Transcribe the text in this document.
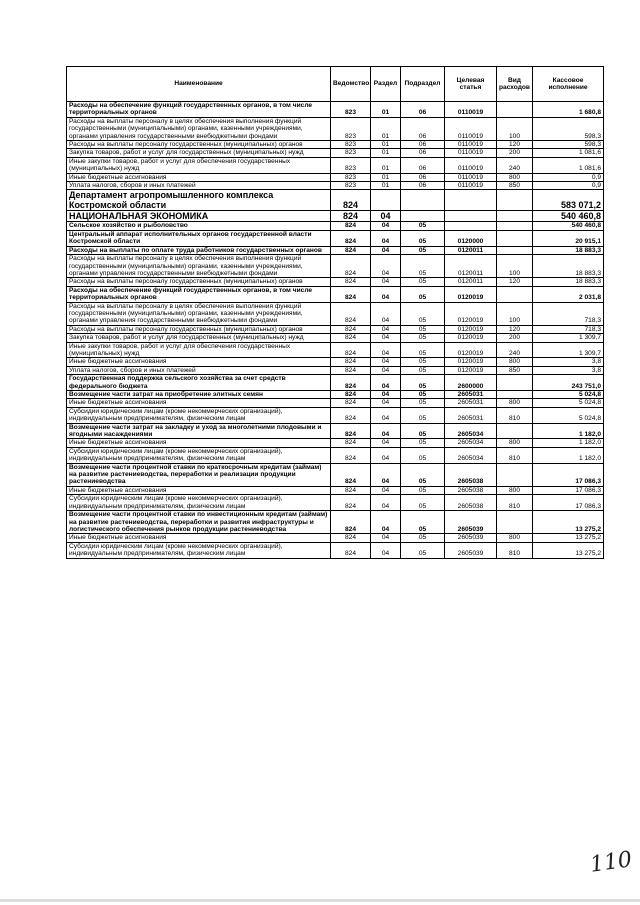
Наименование	Ведомство	Раздел	Подраздел	Целевая статья	Вид расходов	Кассовое исполнение
Расходы на обеспечение функций государственных органов, в том числе территориальных органов	823	01	06	0110019		1 680,8
Расходы на выплаты персоналу в целях обеспечения выполнения функций государственными (муниципальными) органами, казенными учреждениями, органами управления государственными внебюджетными фондами	823	01	06	0110019	100	598,3
Расходы на выплаты персоналу государственных (муниципальных) органов	823	01	06	0110019	120	598,3
Закупка товаров, работ и услуг для государственных (муниципальных) нужд	823	01	06	0110019	200	1 081,6
Иные закупки товаров, работ и услуг для обеспечения государственных (муниципальных) нужд	823	01	06	0110019	240	1 081,6
Иные бюджетные ассигнования	823	01	06	0110019	800	0,9
Уплата налогов, сборов и иных платежей	823	01	06	0110019	850	0,9
Департамент агропромышленного комплекса Костромской области	824					583 071,2
НАЦИОНАЛЬНАЯ ЭКОНОМИКА	824	04				540 460,8
Сельское хозяйство и рыболовство	824	04	05			540 460,8
Центральный аппарат исполнительных органов государственной власти Костромской области	824	04	05	0120000		20 915,1
Расходы на выплаты по оплате труда работников государственных органов	824	04	05	0120011		18 883,3
Расходы на выплаты персоналу в целях обеспечения выполнения функций государственными (муниципальными) органами, казенными учреждениями, органами управления государственными внебюджетными фондами	824	04	05	0120011	100	18 883,3
Расходы на выплаты персоналу государственных (муниципальных) органов	824	04	05	0120011	120	18 883,3
Расходы на обеспечение функций государственных органов, в том числе территориальных органов	824	04	05	0120019		2 031,8
Расходы на выплаты персоналу в целях обеспечения выполнения функций государственными (муниципальными) органами, казенными учреждениями, органами управления государственными внебюджетными фондами	824	04	05	0120019	100	718,3
Расходы на выплаты персоналу государственных (муниципальных) органов	824	04	05	0120019	120	718,3
Закупка товаров, работ и услуг для государственных (муниципальных) нужд	824	04	05	0120019	200	1 309,7
Иные закупки товаров, работ и услуг для обеспечения государственных (муниципальных) нужд	824	04	05	0120019	240	1 309,7
Иные бюджетные ассигнования	824	04	05	0120019	800	3,8
Уплата налогов, сборов и иных платежей	824	04	05	0120019	850	3,8
Государственная поддержка сельского хозяйства за счет средств федерального бюджета	824	04	05	2600000		243 751,0
Возмещение части затрат на приобретение элитных семян	824	04	05	2605031		5 024,8
Иные бюджетные ассигнования	824	04	05	2605031	800	5 024,8
Субсидии юридическим лицам (кроме некоммерческих организаций), индивидуальным предпринимателям, физическим лицам	824	04	05	2605031	810	5 024,8
Возмещение части затрат на закладку и уход за многолетними плодовыми и ягодными насаждениями	824	04	05	2605034		1 182,0
Иные бюджетные ассигнования	824	04	05	2605034	800	1 182,0
Субсидии юридическим лицам (кроме некоммерческих организаций), индивидуальным предпринимателям, физическим лицам	824	04	05	2605034	810	1 182,0
Возмещение части процентной ставки по краткосрочным кредитам (займам) на развитие растениеводства, переработки и реализации продукции растениеводства	824	04	05	2605038		17 086,3
Иные бюджетные ассигнования	824	04	05	2605038	800	17 086,3
Субсидии юридическим лицам (кроме некоммерческих организаций), индивидуальным предпринимателям, физическим лицам	824	04	05	2605038	810	17 086,3
Возмещение части процентной ставки по инвестиционным кредитам (займам) на развитие растениеводства, переработки и развития инфраструктуры и логистического обеспечения рынков продукции растениеводства	824	04	05	2605039		13 275,2
Иные бюджетные ассигнования	824	04	05	2605039	800	13 275,2
Субсидии юридическим лицам (кроме некоммерческих организаций), индивидуальным предпринимателям, физическим лицам	824	04	05	2605039	810	13 275,2
110
